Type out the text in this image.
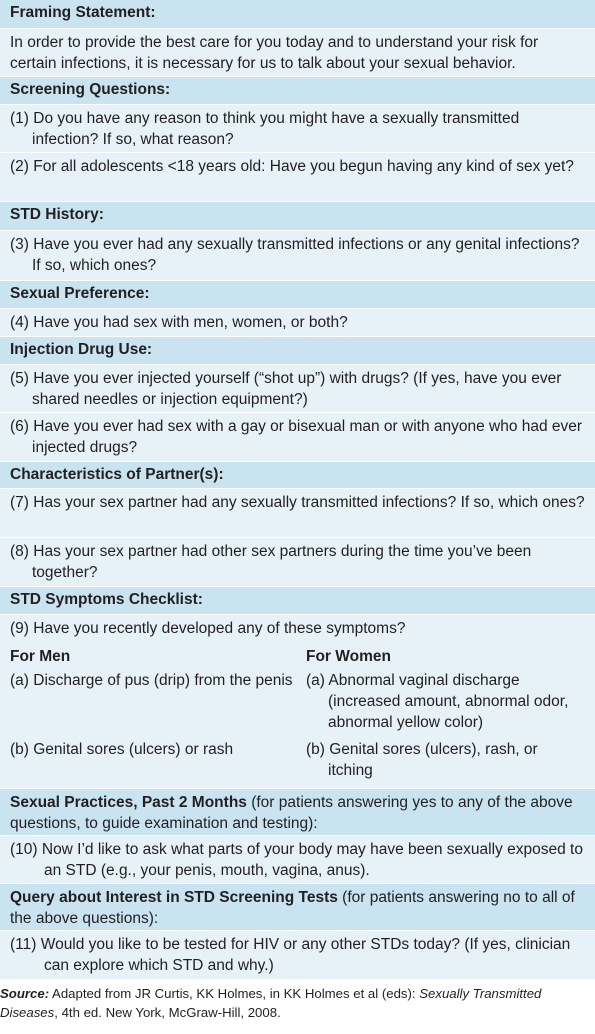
Framing Statement:
In order to provide the best care for you today and to understand your risk for certain infections, it is necessary for us to talk about your sexual behavior.
Screening Questions:
(1) Do you have any reason to think you might have a sexually transmitted infection? If so, what reason?
(2) For all adolescents <18 years old: Have you begun having any kind of sex yet?
STD History:
(3) Have you ever had any sexually transmitted infections or any genital infections? If so, which ones?
Sexual Preference:
(4) Have you had sex with men, women, or both?
Injection Drug Use:
(5) Have you ever injected yourself (“shot up”) with drugs? (If yes, have you ever shared needles or injection equipment?)
(6) Have you ever had sex with a gay or bisexual man or with anyone who had ever injected drugs?
Characteristics of Partner(s):
(7) Has your sex partner had any sexually transmitted infections? If so, which ones?
(8) Has your sex partner had other sex partners during the time you’ve been together?
STD Symptoms Checklist:
(9) Have you recently developed any of these symptoms?
For Men	For Women
(a) Discharge of pus (drip) from the penis (a) Abnormal vaginal discharge (increased amount, abnormal odor, abnormal yellow color)
(b) Genital sores (ulcers) or rash	(b) Genital sores (ulcers), rash, or itching
Sexual Practices, Past 2 Months (for patients answering yes to any of the above questions, to guide examination and testing):
(10) Now I’d like to ask what parts of your body may have been sexually exposed to an STD (e.g., your penis, mouth, vagina, anus).
Query about Interest in STD Screening Tests (for patients answering no to all of the above questions):
(11) Would you like to be tested for HIV or any other STDs today? (If yes, clinician can explore which STD and why.)
Source: Adapted from JR Curtis, KK Holmes, in KK Holmes et al (eds): Sexually Transmitted Diseases, 4th ed. New York, McGraw-Hill, 2008.
